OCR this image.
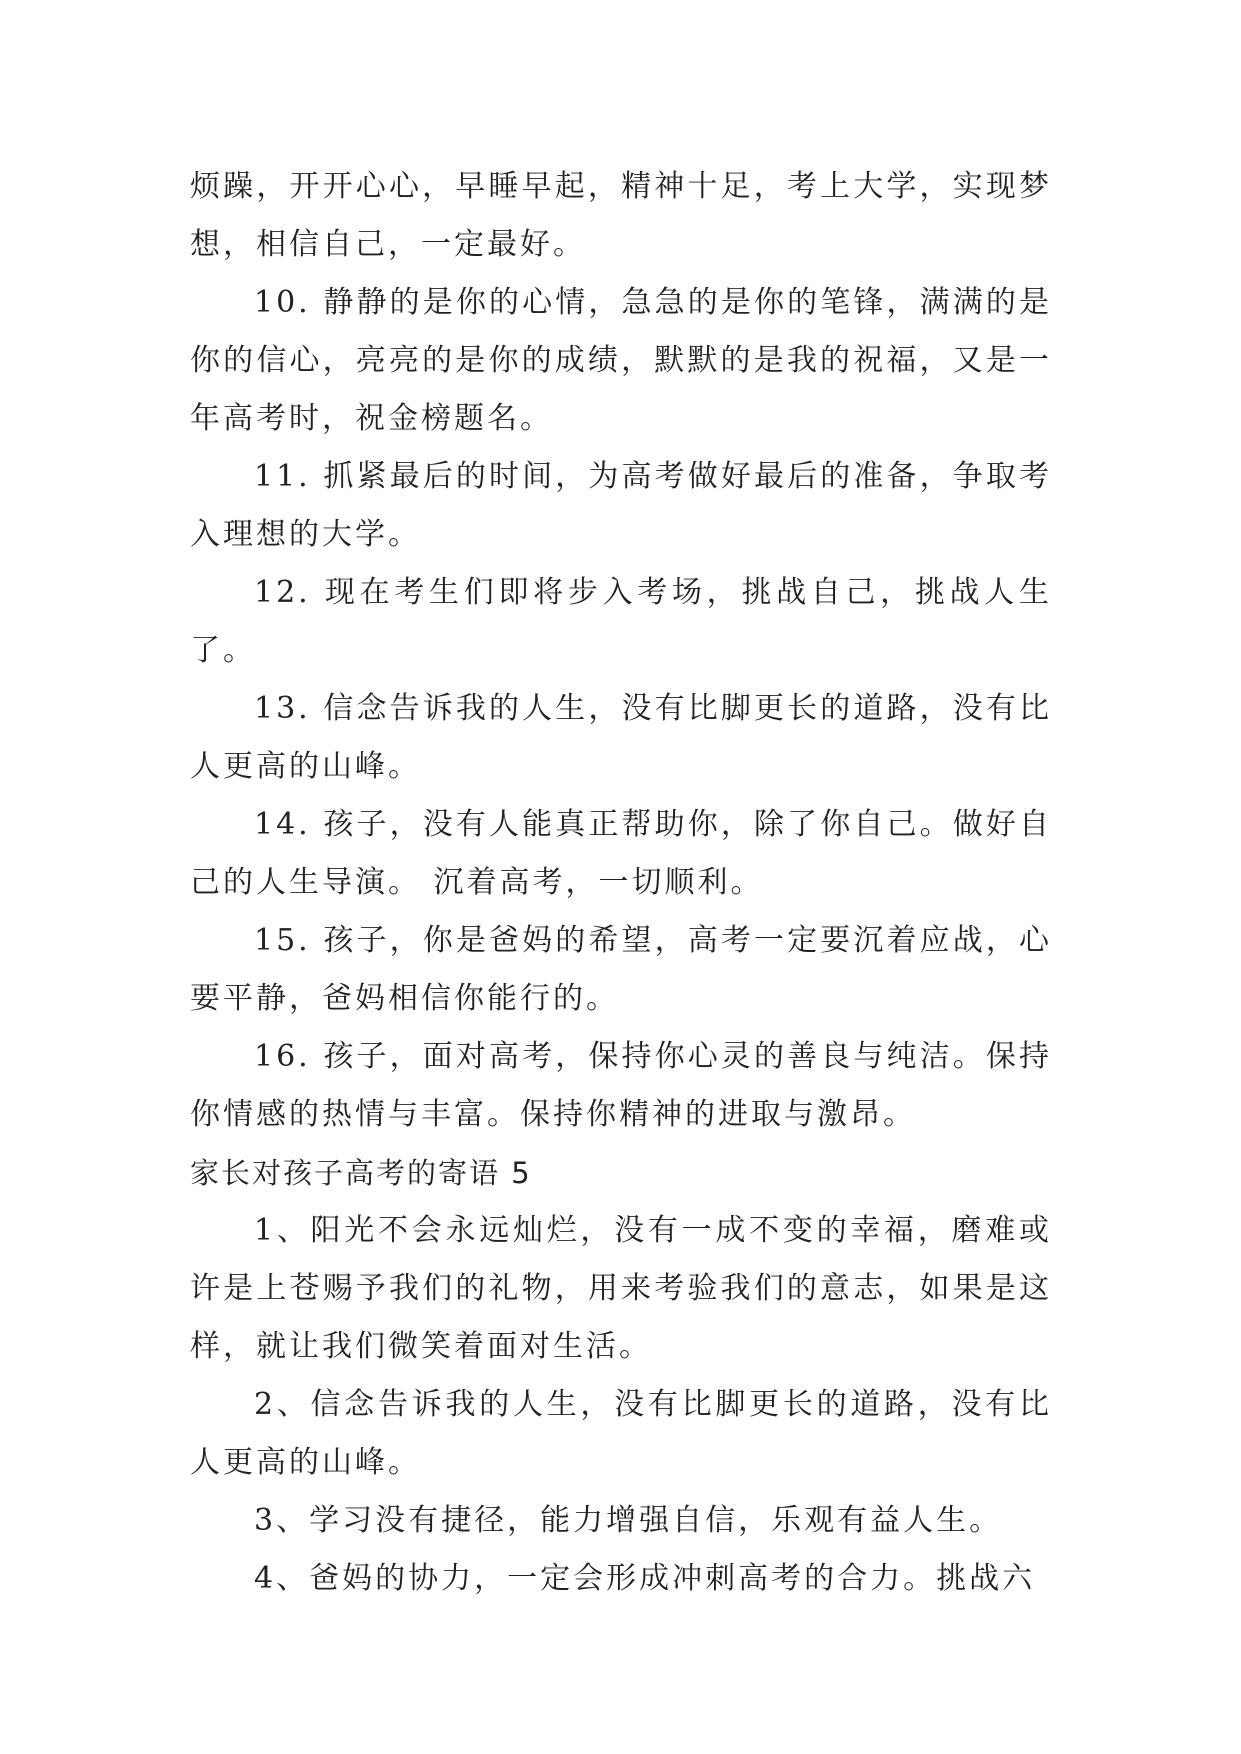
烦躁，开开心心，早睡早起，精神十足，考上大学，实现梦想，相信自己，一定最好。

10. 静静的是你的心情，急急的是你的笔锋，满满的是你的信心，亮亮的是你的成绩，默默的是我的祝福，又是一年高考时，祝金榜题名。

11. 抓紧最后的时间，为高考做好最后的准备，争取考入理想的大学。

12. 现在考生们即将步入考场，挑战自己，挑战人生了。

13. 信念告诉我的人生，没有比脚更长的道路，没有比人更高的山峰。

14. 孩子，没有人能真正帮助你，除了你自己。做好自己的人生导演。 沉着高考，一切顺利。

15. 孩子，你是爸妈的希望，高考一定要沉着应战，心要平静，爸妈相信你能行的。

16. 孩子，面对高考，保持你心灵的善良与纯洁。保持你情感的热情与丰富。保持你精神的进取与激昂。

家长对孩子高考的寄语 5

1、阳光不会永远灿烂，没有一成不变的幸福，磨难或许是上苍赐予我们的礼物，用来考验我们的意志，如果是这样，就让我们微笑着面对生活。

2、信念告诉我的人生，没有比脚更长的道路，没有比人更高的山峰。

3、学习没有捷径，能力增强自信，乐观有益人生。

4、爸妈的协力，一定会形成冲刺高考的合力。挑战六
